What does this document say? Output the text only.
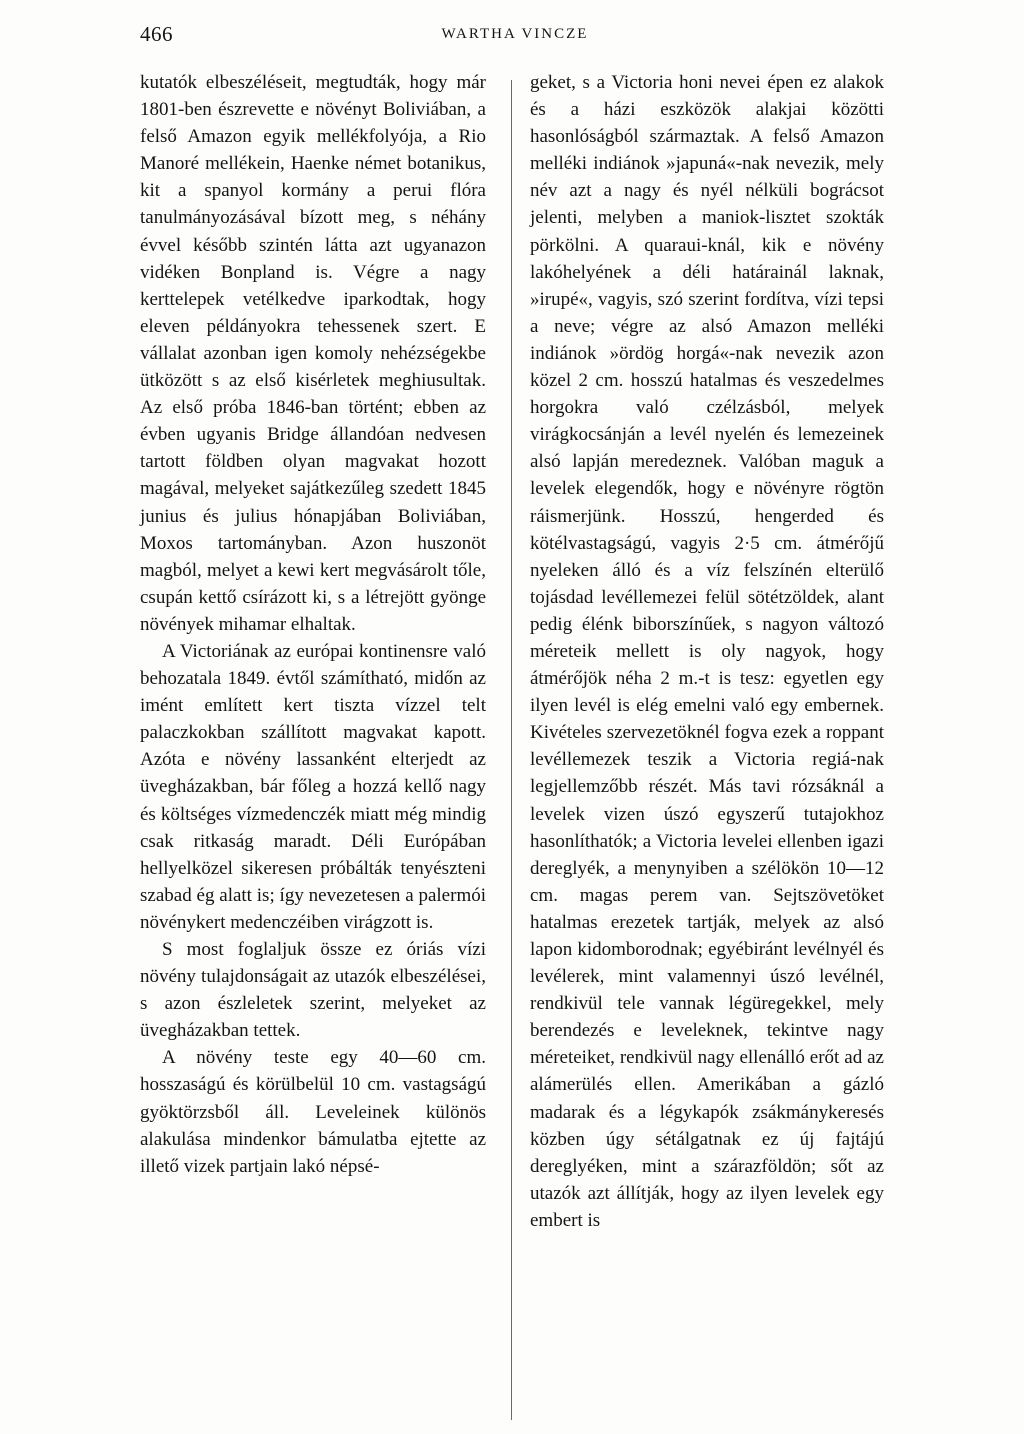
466	WARTHA VINCZE

kutatók elbeszéléseit, megtudták, hogy már 1801-ben észrevette e növényt Boliviában, a felső Amazon egyik mellékfolyója, a Rio Manoré mellékein, Haenke német botanikus, kit a spanyol kormány a perui flóra tanulmányozásával bízott meg, s néhány évvel később szintén látta azt ugyanazon vidéken Bonpland is. Végre a nagy kerttelepek vetélkedve iparkodtak, hogy eleven példányokra tehessenek szert. E vállalat azonban igen komoly nehézségekbe ütközött s az első kisérletek meghiusultak. Az első próba 1846-ban történt; ebben az évben ugyanis Bridge állandóan nedvesen tartott földben olyan magvakat hozott magával, melyeket sajátkezűleg szedett 1845 junius és julius hónapjában Boliviában, Moxos tartományban. Azon huszonöt magból, melyet a kewi kert megvásárolt tőle, csupán kettő csírázott ki, s a létrejött gyönge növények mihamar elhaltak.

A Victoriának az európai kontinensre való behozatala 1849. évtől számítható, midőn az imént említett kert tiszta vízzel telt palaczkokban szállított magvakat kapott. Azóta e növény lassanként elterjedt az üvegházakban, bár főleg a hozzá kellő nagy és költséges vízmedenczék miatt még mindig csak ritkaság maradt. Déli Európában hellyelközel sikeresen próbálták tenyészteni szabad ég alatt is; így nevezetesen a palermói növénykert medenczéiben virágzott is.

S most foglaljuk össze ez óriás vízi növény tulajdonságait az utazók elbeszélései, s azon észleletek szerint, melyeket az üvegházakban tettek.

A növény teste egy 40—60 cm. hosszaságú és körülbelül 10 cm. vastagságú gyöktörzsből áll. Leveleinek különös alakulása mindenkor bámulatba ejtette az illető vizek partjain lakó népsé-

geket, s a Victoria honi nevei épen ez alakok és a házi eszközök alakjai közötti hasonlóságból származtak. A felső Amazon melléki indiánok »japuná«-nak nevezik, mely név azt a nagy és nyél nélküli bográcsot jelenti, melyben a maniok-lisztet szokták pörkölni. A quaraui-knál, kik e növény lakóhelyének a déli határainál laknak, »irupé«, vagyis, szó szerint fordítva, vízi tepsi a neve; végre az alsó Amazon melléki indiánok »ördög horgá«-nak nevezik azon közel 2 cm. hosszú hatalmas és veszedelmes horgokra való czélzásból, melyek virágkocsánján a levél nyelén és lemezeinek alsó lapján meredeznek. Valóban maguk a levelek elegendők, hogy e növényre rögtön ráismerjünk. Hosszú, hengerded és kötélvastagságú, vagyis 2·5 cm. átmérőjű nyeleken álló és a víz felszínén elterülő tojásdad levéllemezei felül sötétzöldek, alant pedig élénk biborszínűek, s nagyon változó méreteik mellett is oly nagyok, hogy átmérőjök néha 2 m.-t is tesz: egyetlen egy ilyen levél is elég emelni való egy embernek. Kivételes szervezetöknél fogva ezek a roppant levéllemezek teszik a Victoria regiá-nak legjellemzőbb részét. Más tavi rózsáknál a levelek vizen úszó egyszerű tutajokhoz hasonlíthatók; a Victoria levelei ellenben igazi dereglyék, a menynyiben a szélökön 10—12 cm. magas perem van. Sejtszövetöket hatalmas erezetek tartják, melyek az alsó lapon kidomborodnak; egyébiránt levélnyél és levélerek, mint valamennyi úszó levélnél, rendkivül tele vannak légüregekkel, mely berendezés e leveleknek, tekintve nagy méreteiket, rendkivül nagy ellenálló erőt ad az alámerülés ellen. Amerikában a gázló madarak és a légykapók zsákmánykeresés közben úgy sétálgatnak ez új fajtájú dereglyéken, mint a szárazföldön; sőt az utazók azt állítják, hogy az ilyen levelek egy embert is
